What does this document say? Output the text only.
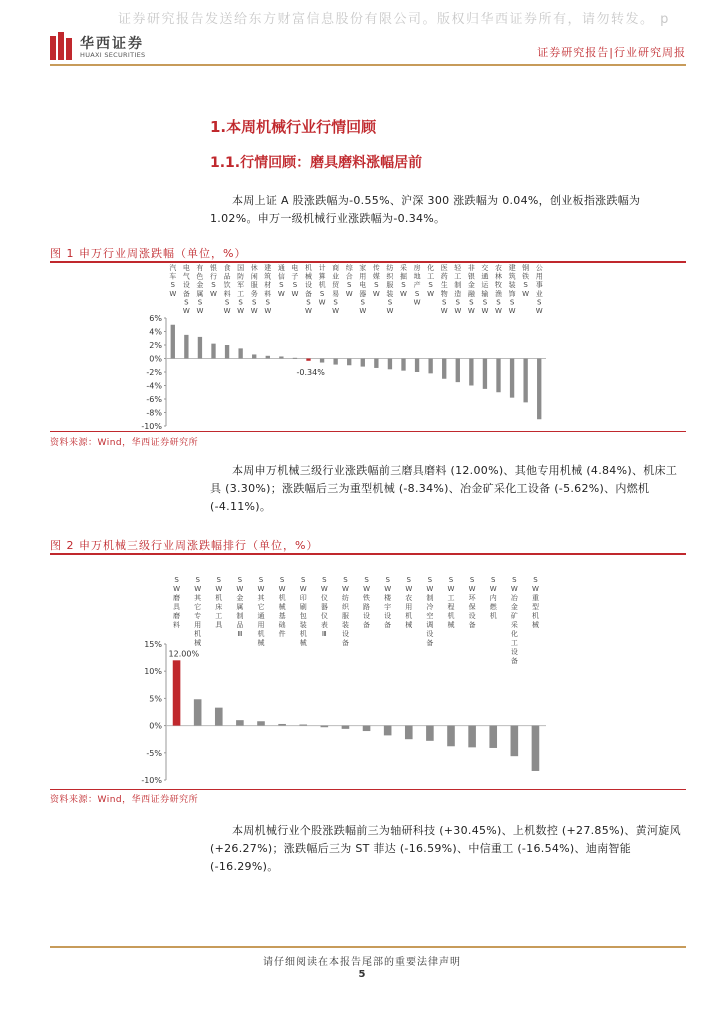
证券研究报告发送给东方财富信息股份有限公司。版权归华西证券所有，请勿转发。 p
华西证券
HUAXI SECURITIES	证券研究报告|行业研究周报
1.本周机械行业行情回顾
1.1.行情回顾：磨具磨料涨幅居前
本周上证 A 股涨跌幅为-0.55%、沪深 300 涨跌幅为 0.04%，创业板指涨跌幅为 1.02%。申万一级机械行业涨跌幅为-0.34%。
图 1 申万行业周涨跌幅（单位，%）
6%
4%
2%
0%
-2%
-4%
-6%
-8%
-10%
汽车 S W
电气设备 S W
有色金属 S W
银行 S W
食品饮料 S W
国防军工 S W
休闲服务 S W
建筑材料 S W
通信 S W
电子 S W
机械设备 S W
计算机 S W
商业贸易 S W
综合 S W
家用电器 S W
传媒 S W
纺织服装 S W
采掘 S W
房地产 S W
化工 S W
医药生物 S W
轻工制造 S W
非银金融 S W
交通运输 S W
农林牧渔 S W
建筑装饰 S W
钢铁 S W
公用事业 S W
-0.34%
资料来源：Wind，华西证券研究所
本周申万机械三级行业涨跌幅前三磨具磨料 (12.00%)、其他专用机械 (4.84%)、机床工具 (3.30%)；涨跌幅后三为重型机械 (-8.34%)、冶金矿采化工设备 (-5.62%)、内燃机 (-4.11%)。
图 2 申万机械三级行业周涨跌幅排行（单位，%）
15%
10%
5%
0%
-5%
-10%
S W 磨具磨料
S W 其它专用机械
S W 机床工具
S W 金属制品 Ⅲ
S W 其它通用机械
S W 机械基础件
S W 印刷包装机械
S W 仪器仪表 Ⅲ
S W 纺织服装设备
S W 铁路设备
S W 楼宇设备
S W 农用机械
S W 制冷空调设备
S W 工程机械
S W 环保设备
S W 内燃机
S W 冶金矿采化工设备
S W 重型机械
12.00%
资料来源：Wind，华西证券研究所
本周机械行业个股涨跌幅前三为轴研科技 (+30.45%)、上机数控 (+27.85%)、黄河旋风 (+26.27%)；涨跌幅后三为 ST 菲达 (-16.59%)、中信重工 (-16.54%)、迪南智能 (-16.29%)。
请仔细阅读在本报告尾部的重要法律声明
5
